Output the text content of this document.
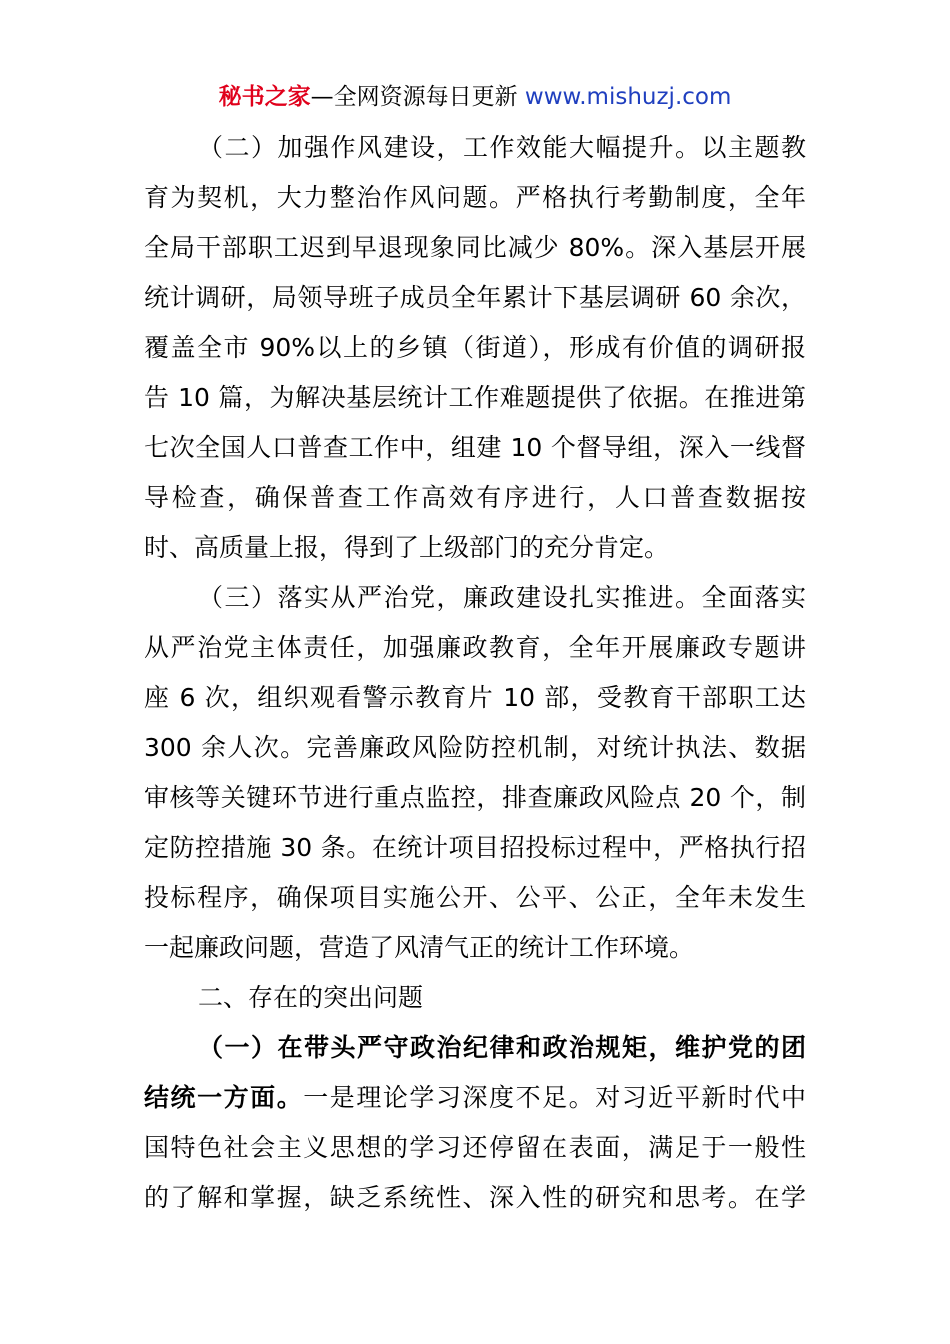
秘书之家—全网资源每日更新 www.mishuzj.com
（二）加强作风建设，工作效能大幅提升。以主题教
育为契机，大力整治作风问题。严格执行考勤制度，全年
全局干部职工迟到早退现象同比减少 80%。深入基层开展
统计调研，局领导班子成员全年累计下基层调研 60 余次，
覆盖全市 90%以上的乡镇（街道），形成有价值的调研报
告 10 篇，为解决基层统计工作难题提供了依据。在推进第
七次全国人口普查工作中，组建 10 个督导组，深入一线督
导检查，确保普查工作高效有序进行，人口普查数据按
时、高质量上报，得到了上级部门的充分肯定。
（三）落实从严治党，廉政建设扎实推进。全面落实
从严治党主体责任，加强廉政教育，全年开展廉政专题讲
座 6 次，组织观看警示教育片 10 部，受教育干部职工达
300 余人次。完善廉政风险防控机制，对统计执法、数据
审核等关键环节进行重点监控，排查廉政风险点 20 个，制
定防控措施 30 条。在统计项目招投标过程中，严格执行招
投标程序，确保项目实施公开、公平、公正，全年未发生
一起廉政问题，营造了风清气正的统计工作环境。
二、存在的突出问题
（一）在带头严守政治纪律和政治规矩，维护党的团
结统一方面。一是理论学习深度不足。对习近平新时代中
国特色社会主义思想的学习还停留在表面，满足于一般性
的了解和掌握，缺乏系统性、深入性的研究和思考。在学
